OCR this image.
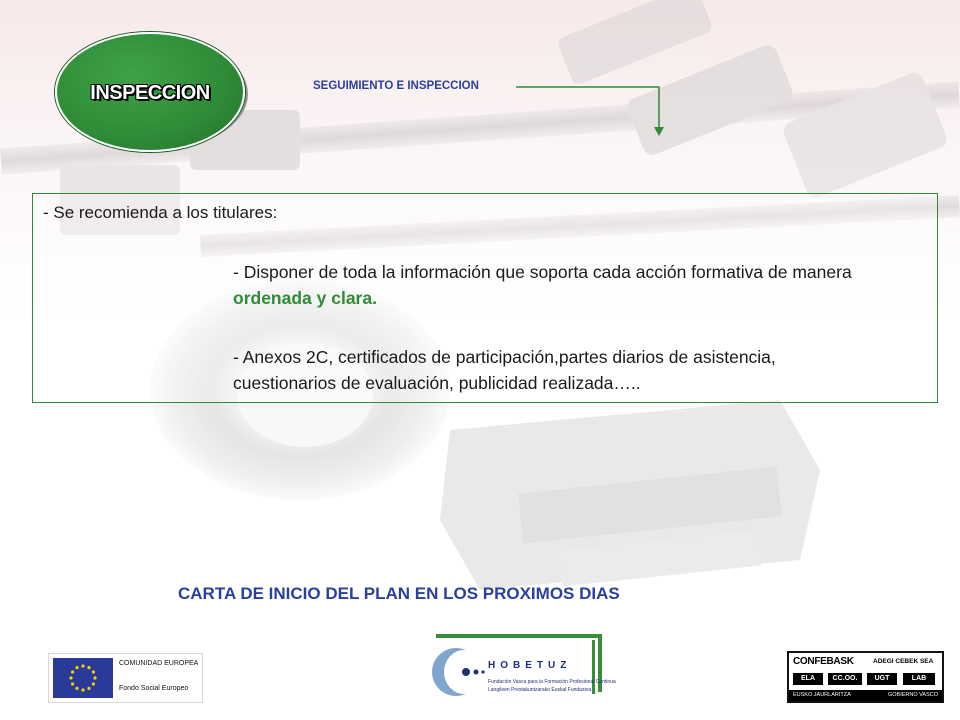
INSPECCION	SEGUIMIENTO E INSPECCION
- Se recomienda a los titulares:
- Disponer de toda la información que soporta cada acción formativa de manera ordenada y clara.
- Anexos 2C, certificados de participación,partes diarios de asistencia, cuestionarios de evaluación, publicidad realizada…..
CARTA DE INICIO DEL PLAN EN LOS PROXIMOS DIAS
COMUNIDAD EUROPEA
Fondo Social Europeo
HOBETUZ
Fundación Vasca para la Formación Profesional Continua
Langileen Prestakuntzarako Euskal Fundazioa
CONFEBASK	ADEGI CEBEK SEA
ELA	CC.OO.	UGT	LAB
EUSKO JAURLARITZA	GOBIERNO VASCO
